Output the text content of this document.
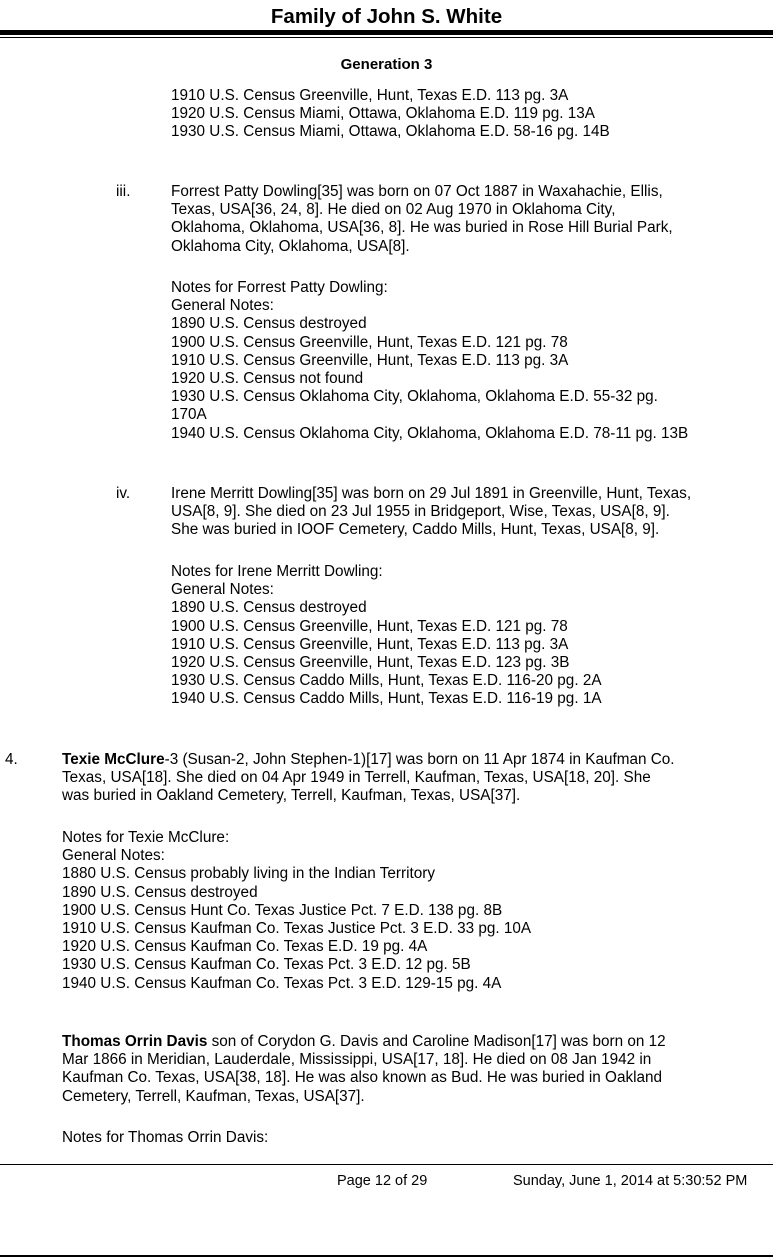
Family of John S. White
Generation 3
1910 U.S. Census Greenville, Hunt, Texas E.D. 113 pg. 3A
1920 U.S. Census Miami, Ottawa, Oklahoma E.D. 119 pg. 13A
1930 U.S. Census Miami, Ottawa, Oklahoma E.D. 58-16 pg. 14B
iii.	Forrest Patty Dowling[35] was born on 07 Oct 1887 in Waxahachie, Ellis,
Texas, USA[36, 24, 8]. He died on 02 Aug 1970 in Oklahoma City,
Oklahoma, Oklahoma, USA[36, 8]. He was buried in Rose Hill Burial Park,
Oklahoma City, Oklahoma, USA[8].
Notes for Forrest Patty Dowling:
General Notes:
1890 U.S. Census destroyed
1900 U.S. Census Greenville, Hunt, Texas E.D. 121 pg. 78
1910 U.S. Census Greenville, Hunt, Texas E.D. 113 pg. 3A
1920 U.S. Census not found
1930 U.S. Census Oklahoma City, Oklahoma, Oklahoma E.D. 55-32 pg.
170A
1940 U.S. Census Oklahoma City, Oklahoma, Oklahoma E.D. 78-11 pg. 13B
iv.	Irene Merritt Dowling[35] was born on 29 Jul 1891 in Greenville, Hunt, Texas,
USA[8, 9]. She died on 23 Jul 1955 in Bridgeport, Wise, Texas, USA[8, 9].
She was buried in IOOF Cemetery, Caddo Mills, Hunt, Texas, USA[8, 9].
Notes for Irene Merritt Dowling:
General Notes:
1890 U.S. Census destroyed
1900 U.S. Census Greenville, Hunt, Texas E.D. 121 pg. 78
1910 U.S. Census Greenville, Hunt, Texas E.D. 113 pg. 3A
1920 U.S. Census Greenville, Hunt, Texas E.D. 123 pg. 3B
1930 U.S. Census Caddo Mills, Hunt, Texas E.D. 116-20 pg. 2A
1940 U.S. Census Caddo Mills, Hunt, Texas E.D. 116-19 pg. 1A
4.	Texie McClure-3 (Susan-2, John Stephen-1)[17] was born on 11 Apr 1874 in Kaufman Co.
Texas, USA[18]. She died on 04 Apr 1949 in Terrell, Kaufman, Texas, USA[18, 20]. She
was buried in Oakland Cemetery, Terrell, Kaufman, Texas, USA[37].
Notes for Texie McClure:
General Notes:
1880 U.S. Census probably living in the Indian Territory
1890 U.S. Census destroyed
1900 U.S. Census Hunt Co. Texas Justice Pct. 7 E.D. 138 pg. 8B
1910 U.S. Census Kaufman Co. Texas Justice Pct. 3 E.D. 33 pg. 10A
1920 U.S. Census Kaufman Co. Texas E.D. 19 pg. 4A
1930 U.S. Census Kaufman Co. Texas Pct. 3 E.D. 12 pg. 5B
1940 U.S. Census Kaufman Co. Texas Pct. 3 E.D. 129-15 pg. 4A
Thomas Orrin Davis son of Corydon G. Davis and Caroline Madison[17] was born on 12
Mar 1866 in Meridian, Lauderdale, Mississippi, USA[17, 18]. He died on 08 Jan 1942 in
Kaufman Co. Texas, USA[38, 18]. He was also known as Bud. He was buried in Oakland
Cemetery, Terrell, Kaufman, Texas, USA[37].
Notes for Thomas Orrin Davis:
Page 12 of 29	Sunday, June 1, 2014 at 5:30:52 PM
